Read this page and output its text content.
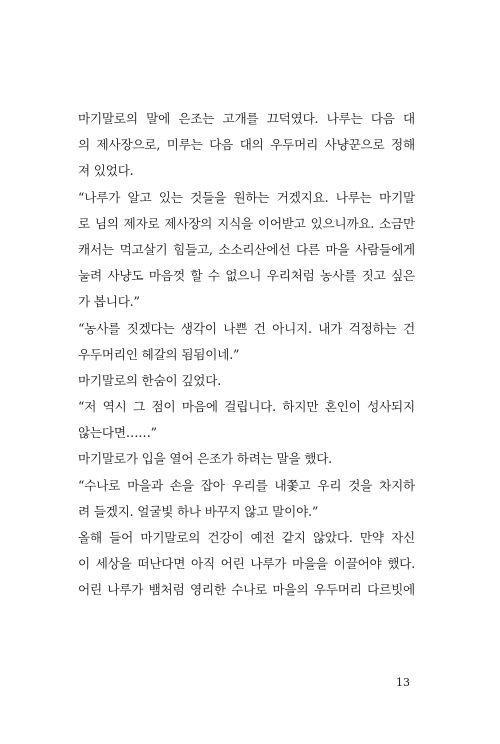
마기말로의 말에 은조는 고개를 끄덕였다. 나루는 다음 대
의 제사장으로, 미루는 다음 대의 우두머리 사냥꾼으로 정해
져 있었다.
“나루가 알고 있는 것들을 원하는 거겠지요. 나루는 마기말
로 님의 제자로 제사장의 지식을 이어받고 있으니까요. 소금만
캐서는 먹고살기 힘들고, 소소리산에선 다른 마을 사람들에게
눌려 사냥도 마음껏 할 수 없으니 우리처럼 농사를 짓고 싶은
가 봅니다.”
“농사를 짓겠다는 생각이 나쁜 건 아니지. 내가 걱정하는 건
우두머리인 헤갈의 됨됨이네.”
마기말로의 한숨이 깊었다.
“저 역시 그 점이 마음에 걸립니다. 하지만 혼인이 성사되지
않는다면……”
마기말로가 입을 열어 은조가 하려는 말을 했다.
“수나로 마을과 손을 잡아 우리를 내쫓고 우리 것을 차지하
려 들겠지. 얼굴빛 하나 바꾸지 않고 말이야.”
올해 들어 마기말로의 건강이 예전 같지 않았다. 만약 자신
이 세상을 떠난다면 아직 어린 나루가 마을을 이끌어야 했다.
어린 나루가 뱀처럼 영리한 수나로 마을의 우두머리 다르빗에
13
